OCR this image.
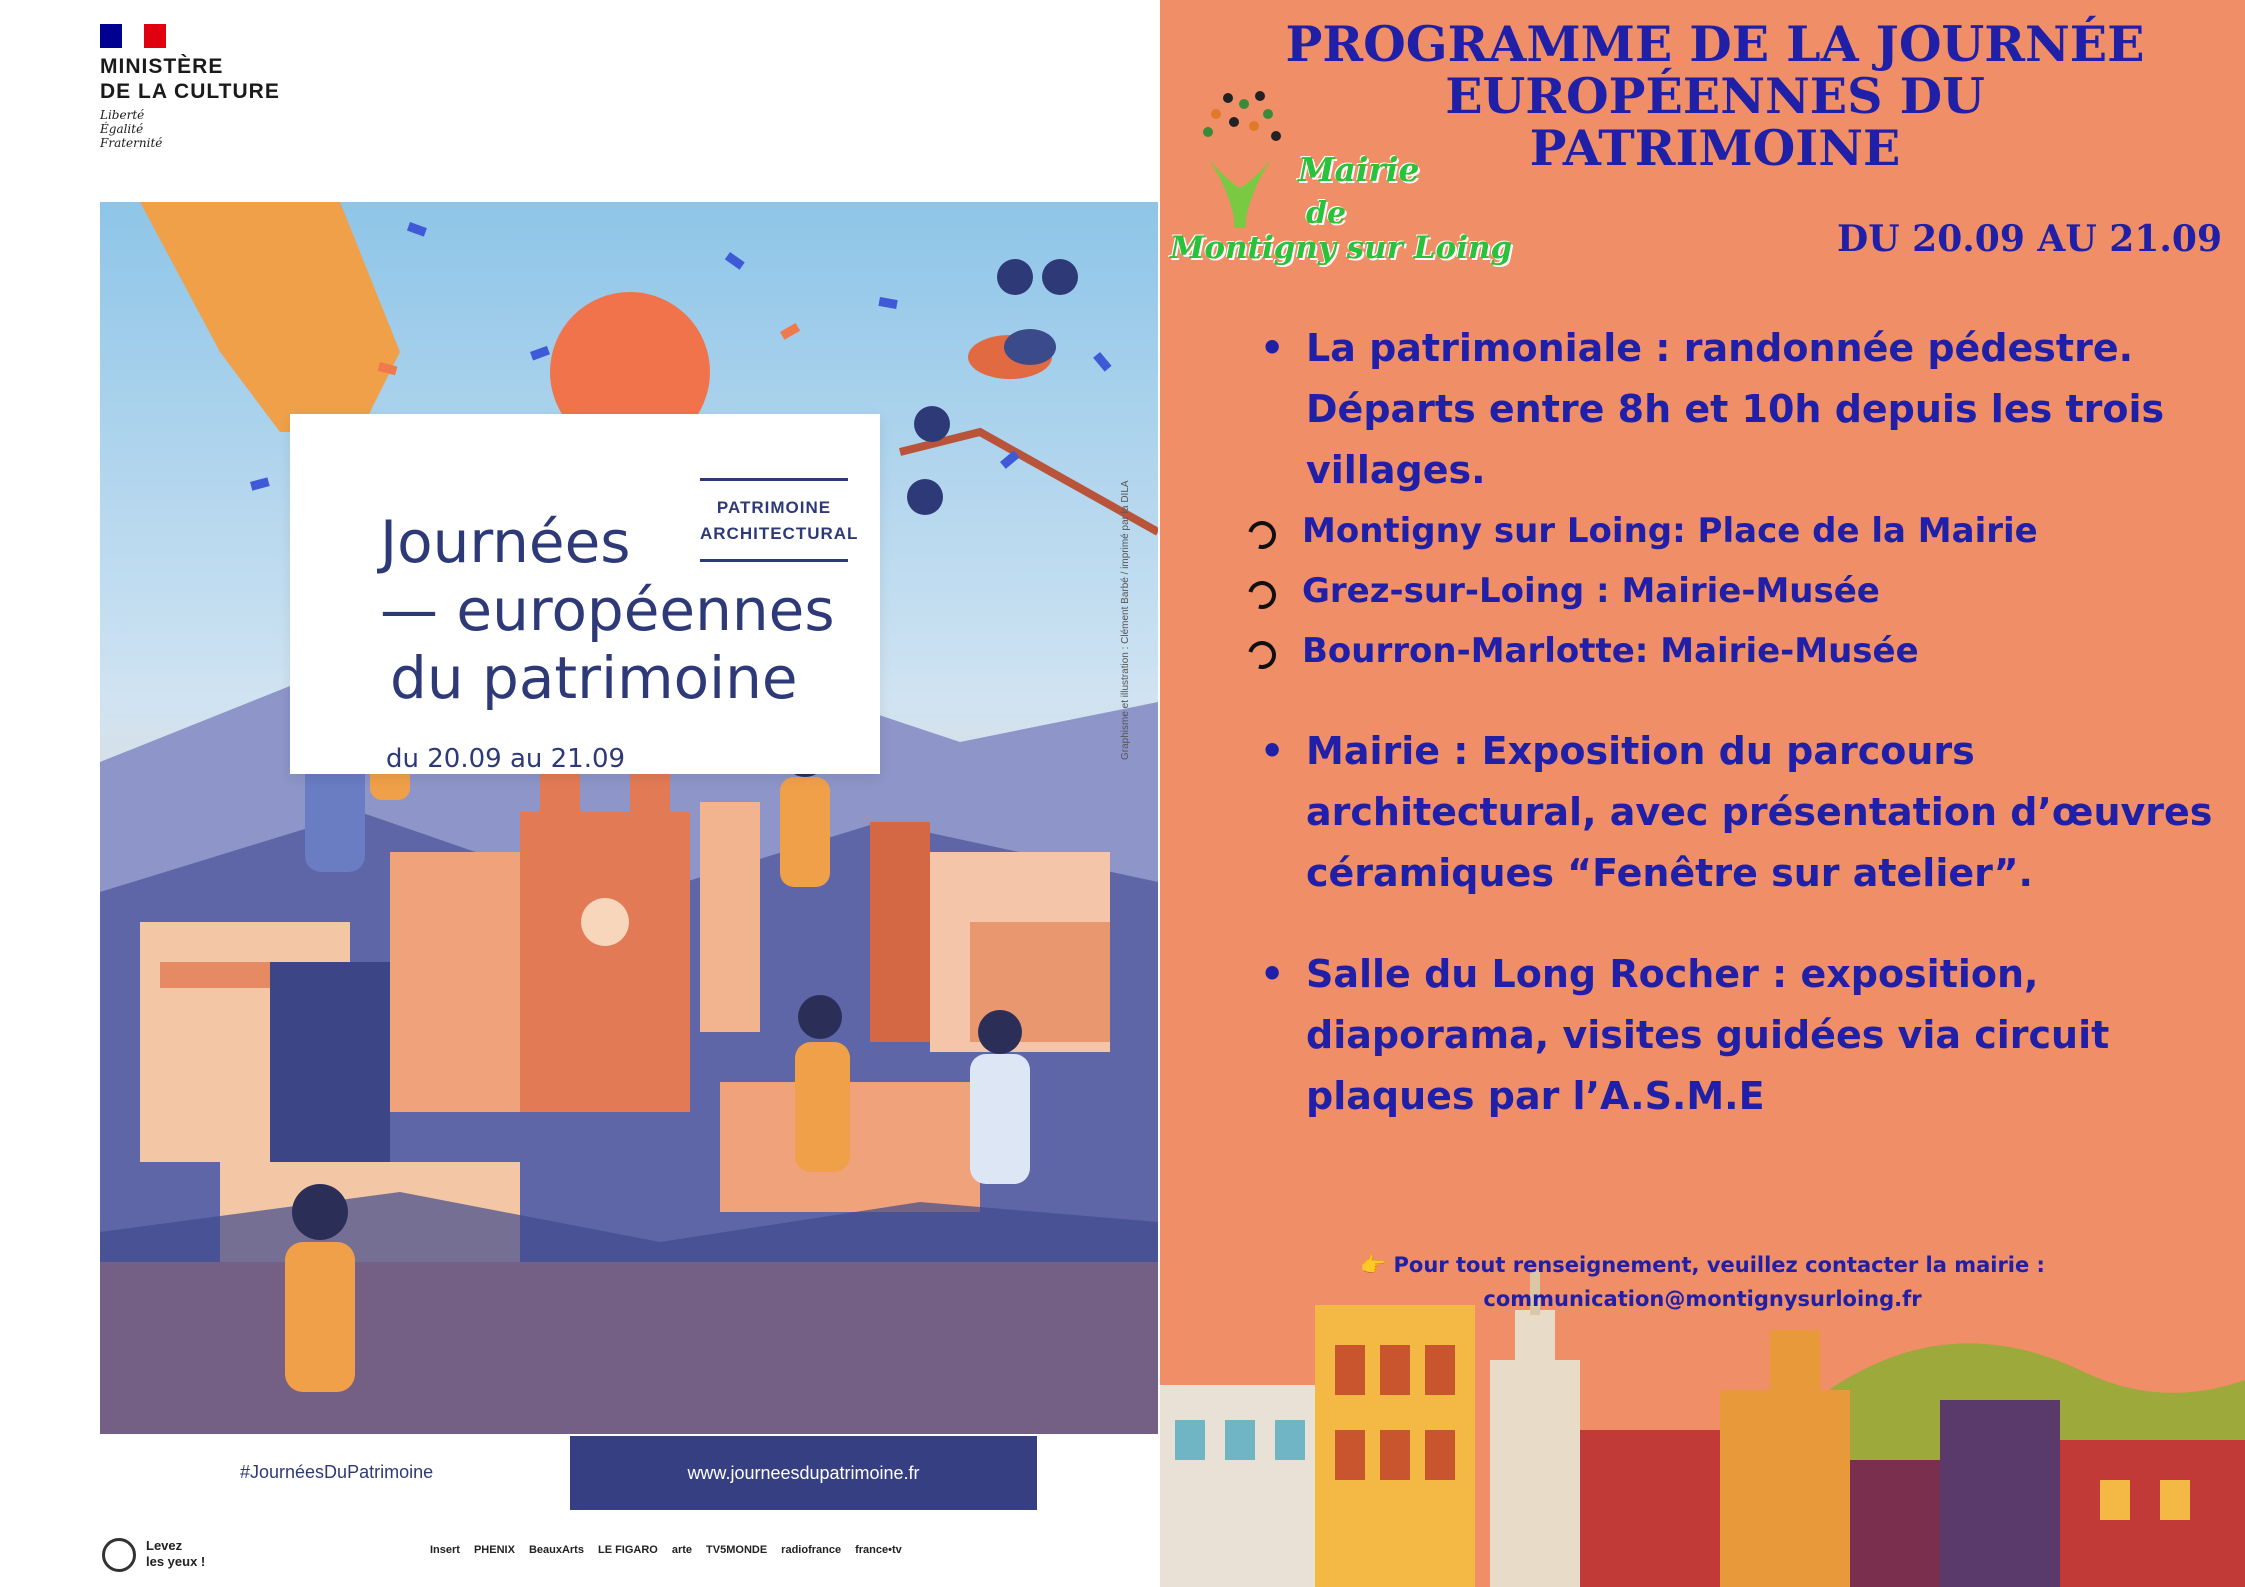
MINISTÈRE
DE LA CULTURE
Liberté
Égalité
Fraternité
PATRIMOINE
ARCHITECTURAL
Journées
— européennes
du patrimoine
du 20.09 au 21.09	Graphisme et illustration : Clément Barbé / imprimé par la DILA
#JournéesDuPatrimoine	www.journeesdupatrimoine.fr
Levez
les yeux !
Insert PHENIX BeauxArts LE FIGARO arte TV5MONDE radiofrance france•tv
PROGRAMME DE LA JOURNÉE
EUROPÉENNES DU
PATRIMOINE
Mairie
de
Montigny sur Loing	DU 20.09 AU 21.09
• La patrimoniale : randonnée pédestre. Départs entre 8h et 10h depuis les trois villages.
Montigny sur Loing: Place de la Mairie
Grez-sur-Loing : Mairie-Musée
Bourron-Marlotte: Mairie-Musée
• Mairie : Exposition du parcours architectural, avec présentation d’œuvres céramiques “Fenêtre sur atelier”.
• Salle du Long Rocher : exposition, diaporama, visites guidées via circuit plaques par l’A.S.M.E
👉 Pour tout renseignement, veuillez contacter la mairie :
communication@montignysurloing.fr
